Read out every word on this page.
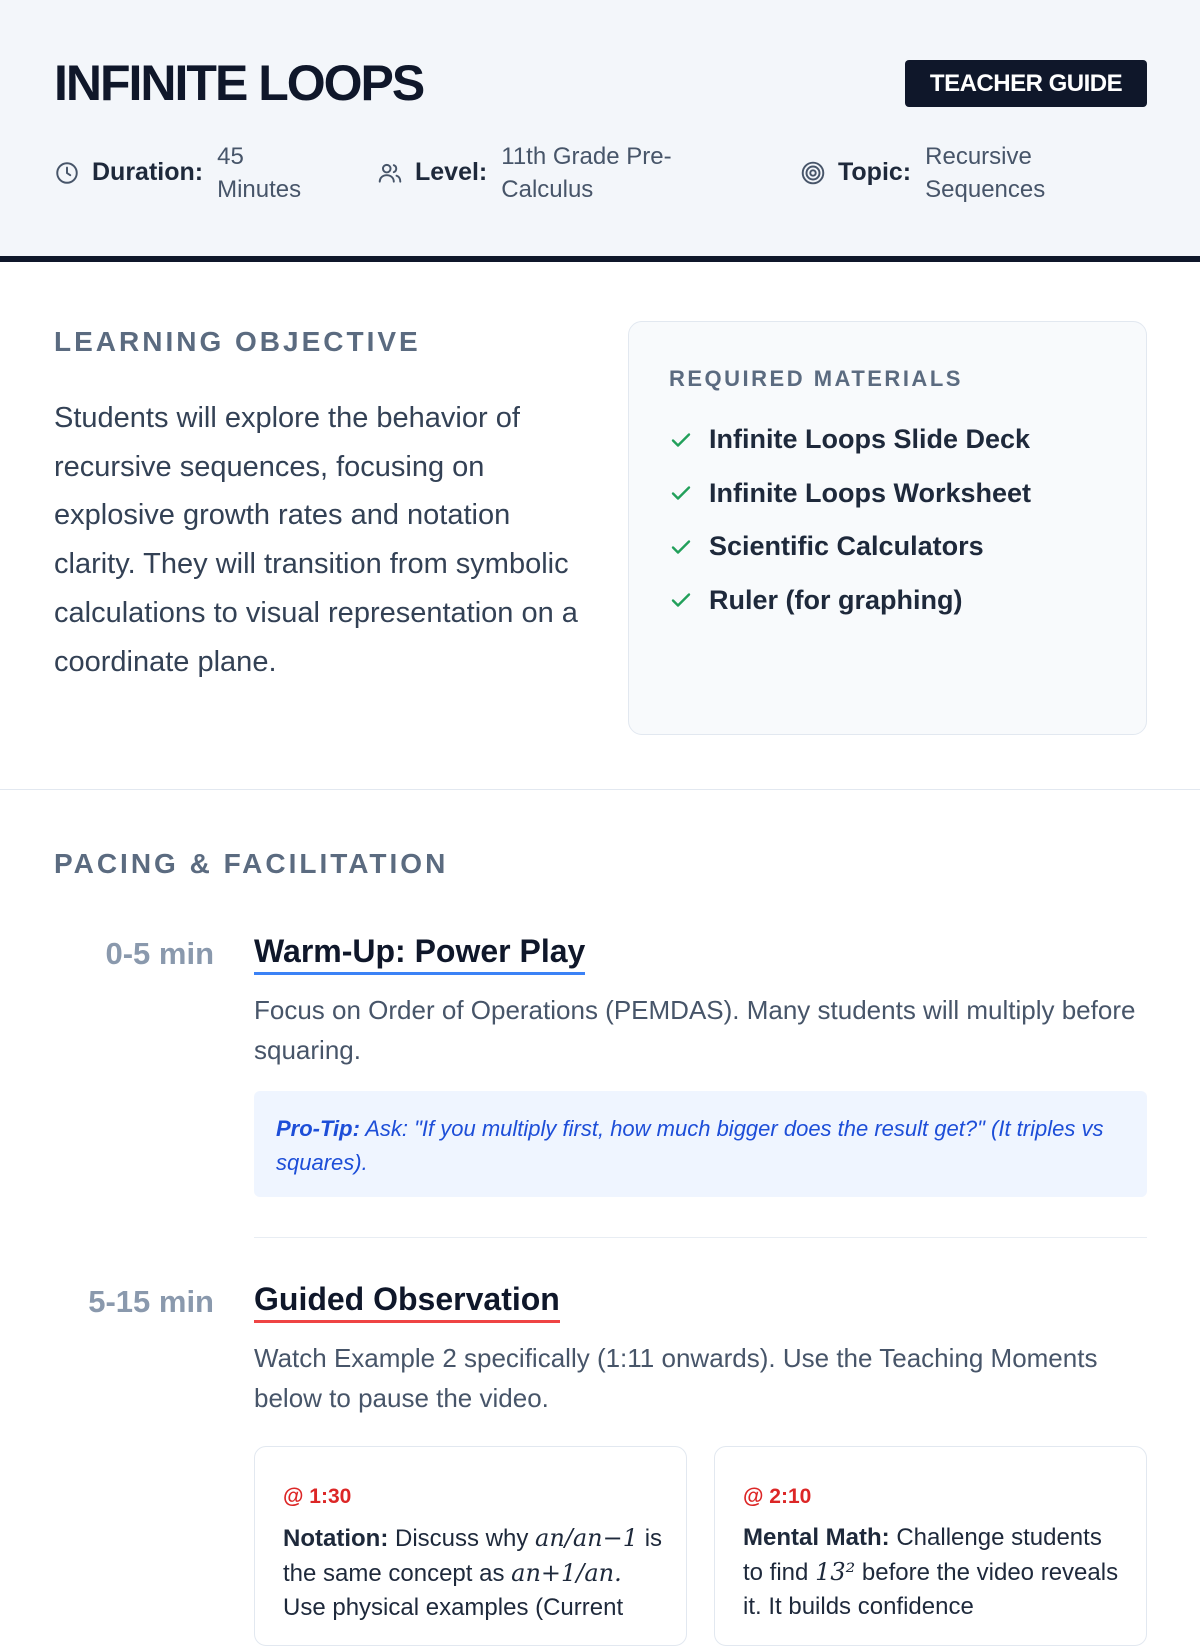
INFINITE LOOPS	TEACHER GUIDE
Duration:
45 Minutes
Level:
11th Grade Pre-Calculus
Topic:
Recursive Sequences
LEARNING OBJECTIVE

Students will explore the behavior of recursive sequences, focusing on explosive growth rates and notation clarity. They will transition from symbolic calculations to visual representation on a coordinate plane.

REQUIRED MATERIALS
Infinite Loops Slide Deck
Infinite Loops Worksheet
Scientific Calculators
Ruler (for graphing)
PACING & FACILITATION
0-5 min Warm-Up: Power Play

Focus on Order of Operations (PEMDAS). Many students will multiply before squaring.

Pro-Tip: Ask: "If you multiply first, how much bigger does the result get?" (It triples vs squares).
5-15 min Guided Observation

Watch Example 2 specifically (1:11 onwards). Use the Teaching Moments below to pause the video.

@ 1:30
Notation: Discuss why an/an−1 is the same concept as an+1/an. Use physical examples (Current
@ 2:10
Mental Math: Challenge students to find 13² before the video reveals it. It builds confidence
